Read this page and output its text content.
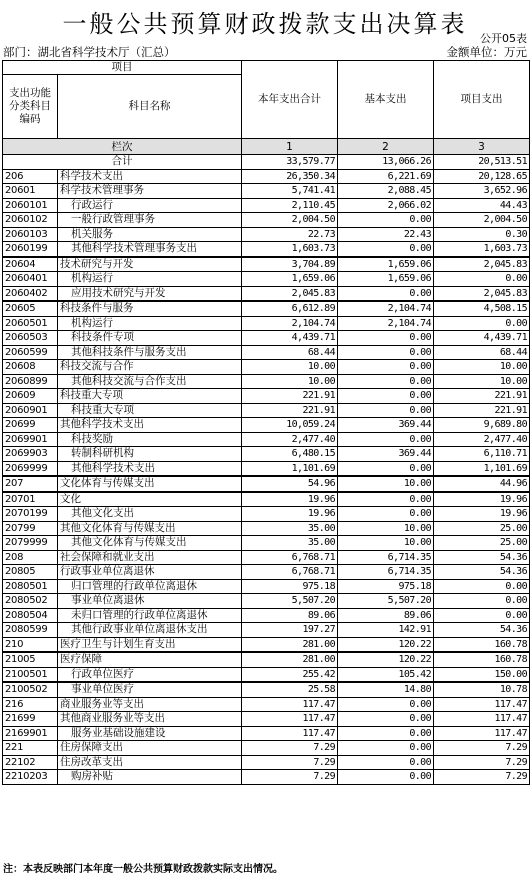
一般公共预算财政拨款支出决算表
公开05表
部门：湖北省科学技术厅（汇总）	金额单位：万元
项目		本年支出合计	基本支出	项目支出
支出功能分类科目编码	科目名称			
栏次		1	2	3
合计		33,579.77	13,066.26	20,513.51
206	科学技术支出	26,350.34	6,221.69	20,128.65
20601	科学技术管理事务	5,741.41	2,088.45	3,652.96
2060101	行政运行	2,110.45	2,066.02	44.43
2060102	一般行政管理事务	2,004.50	0.00	2,004.50
2060103	机关服务	22.73	22.43	0.30
2060199	其他科学技术管理事务支出	1,603.73	0.00	1,603.73
20604	技术研究与开发	3,704.89	1,659.06	2,045.83
2060401	机构运行	1,659.06	1,659.06	0.00
2060402	应用技术研究与开发	2,045.83	0.00	2,045.83
20605	科技条件与服务	6,612.89	2,104.74	4,508.15
2060501	机构运行	2,104.74	2,104.74	0.00
2060503	科技条件专项	4,439.71	0.00	4,439.71
2060599	其他科技条件与服务支出	68.44	0.00	68.44
20608	科技交流与合作	10.00	0.00	10.00
2060899	其他科技交流与合作支出	10.00	0.00	10.00
20609	科技重大专项	221.91	0.00	221.91
2060901	科技重大专项	221.91	0.00	221.91
20699	其他科学技术支出	10,059.24	369.44	9,689.80
2069901	科技奖励	2,477.40	0.00	2,477.40
2069903	转制科研机构	6,480.15	369.44	6,110.71
2069999	其他科学技术支出	1,101.69	0.00	1,101.69
207	文化体育与传媒支出	54.96	10.00	44.96
20701	文化	19.96	0.00	19.96
2070199	其他文化支出	19.96	0.00	19.96
20799	其他文化体育与传媒支出	35.00	10.00	25.00
2079999	其他文化体育与传媒支出	35.00	10.00	25.00
208	社会保障和就业支出	6,768.71	6,714.35	54.36
20805	行政事业单位离退休	6,768.71	6,714.35	54.36
2080501	归口管理的行政单位离退休	975.18	975.18	0.00
2080502	事业单位离退休	5,507.20	5,507.20	0.00
2080504	未归口管理的行政单位离退休	89.06	89.06	0.00
2080599	其他行政事业单位离退休支出	197.27	142.91	54.36
210	医疗卫生与计划生育支出	281.00	120.22	160.78
21005	医疗保障	281.00	120.22	160.78
2100501	行政单位医疗	255.42	105.42	150.00
2100502	事业单位医疗	25.58	14.80	10.78
216	商业服务业等支出	117.47	0.00	117.47
21699	其他商业服务业等支出	117.47	0.00	117.47
2169901	服务业基础设施建设	117.47	0.00	117.47
221	住房保障支出	7.29	0.00	7.29
22102	住房改革支出	7.29	0.00	7.29
2210203	购房补贴	7.29	0.00	7.29
注：本表反映部门本年度一般公共预算财政拨款实际支出情况。
